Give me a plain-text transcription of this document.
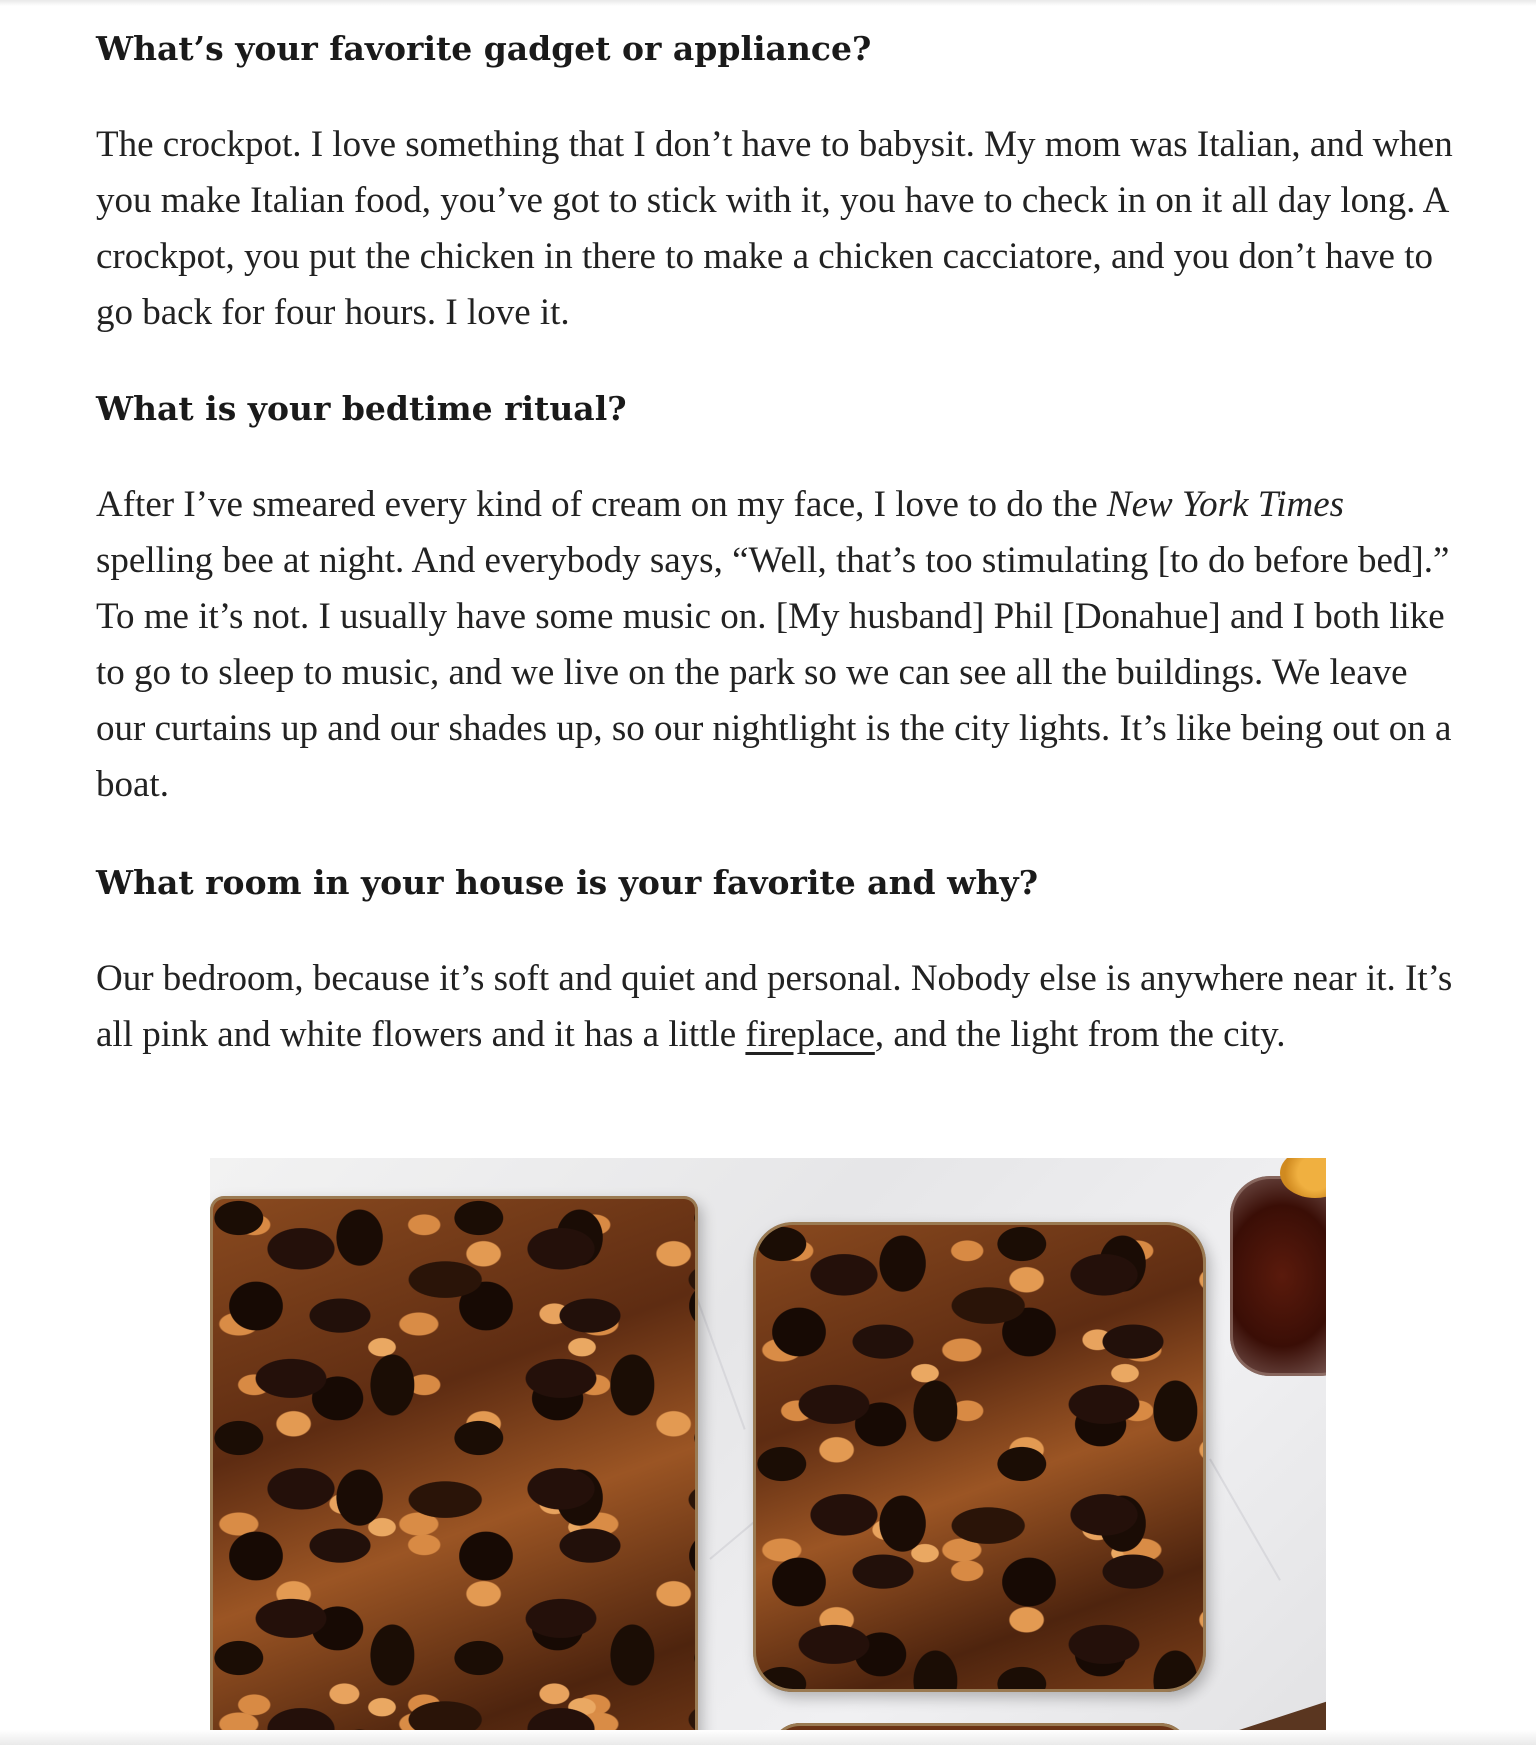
What’s your favorite gadget or appliance?

The crockpot. I love something that I don’t have to babysit. My mom was Italian, and when you make Italian food, you’ve got to stick with it, you have to check in on it all day long. A crockpot, you put the chicken in there to make a chicken cacciatore, and you don’t have to go back for four hours. I love it.

What is your bedtime ritual?

After I’ve smeared every kind of cream on my face, I love to do the New York Times spelling bee at night. And everybody says, “Well, that’s too stimulating [to do before bed].” To me it’s not. I usually have some music on. [My husband] Phil [Donahue] and I both like to go to sleep to music, and we live on the park so we can see all the buildings. We leave our curtains up and our shades up, so our nightlight is the city lights. It’s like being out on a boat.

What room in your house is your favorite and why?

Our bedroom, because it’s soft and quiet and personal. Nobody else is anywhere near it. It’s all pink and white flowers and it has a little fireplace, and the light from the city.
